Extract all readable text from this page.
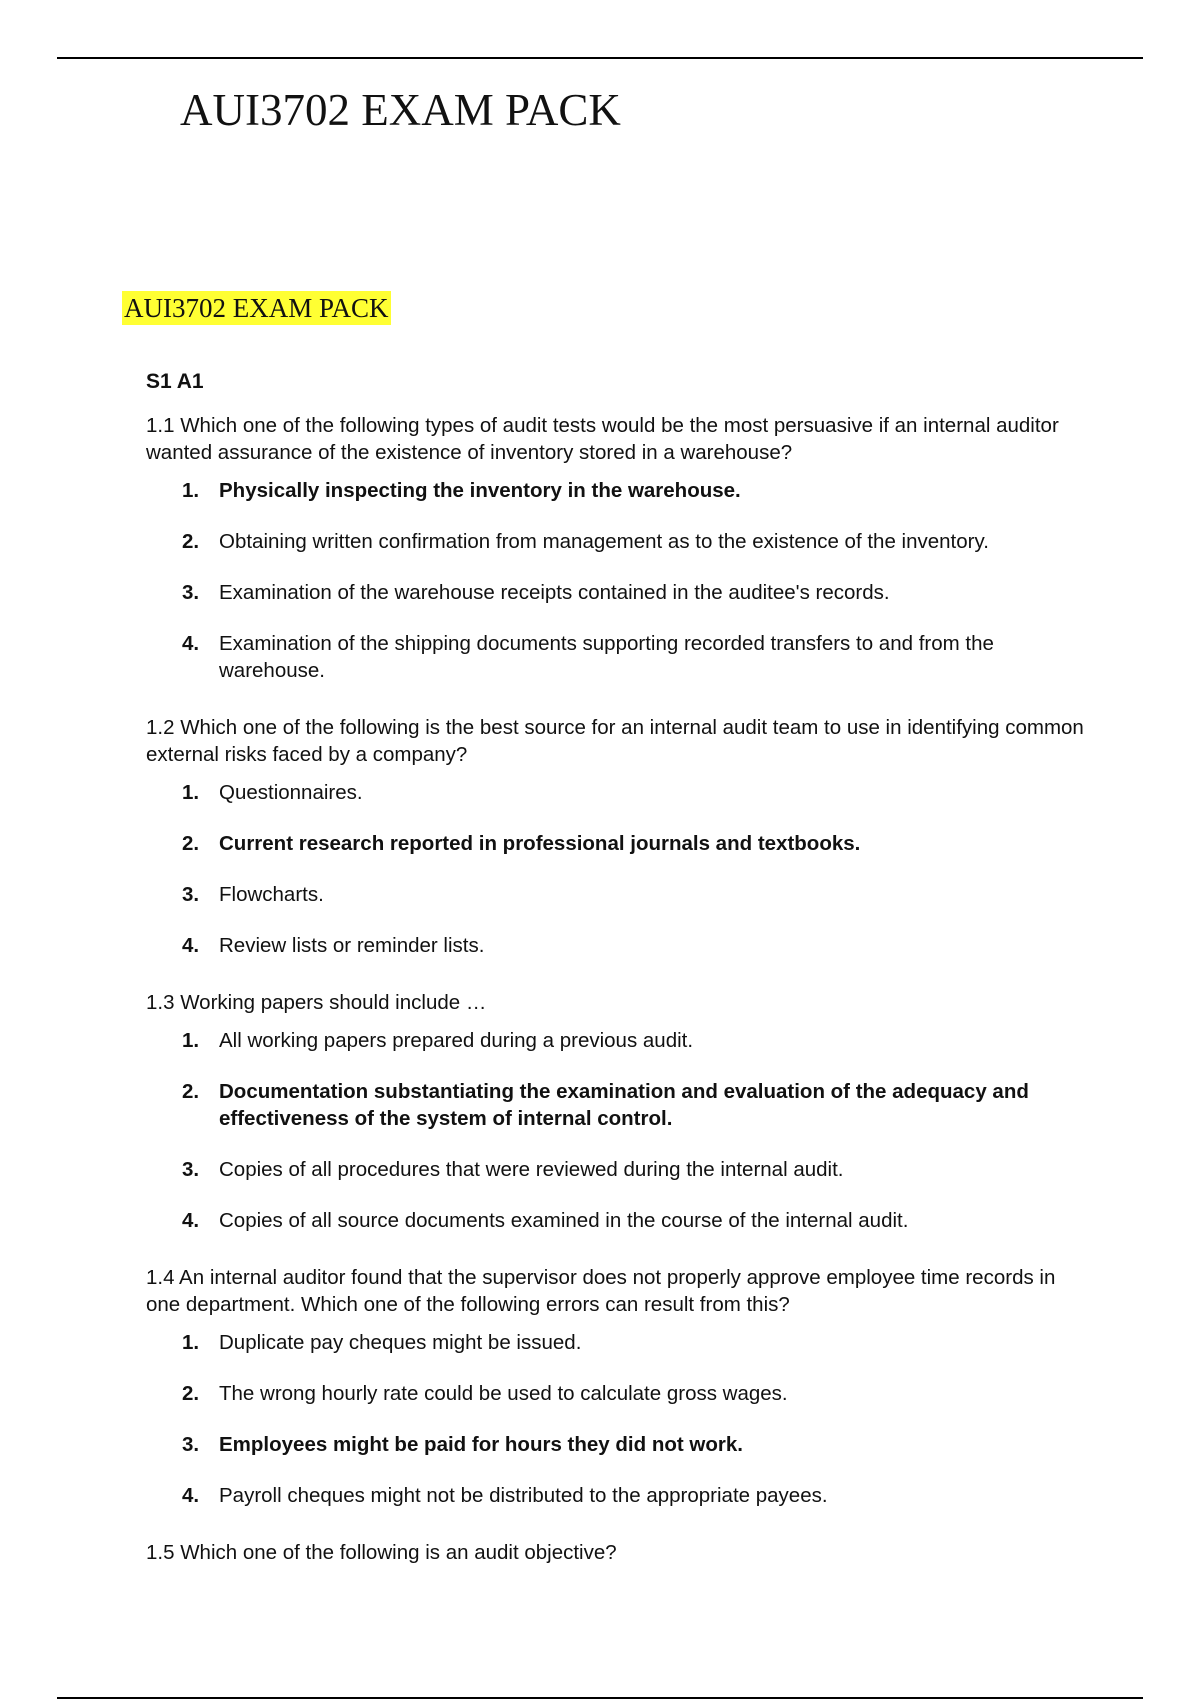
AUI3702 EXAM PACK
AUI3702 EXAM PACK
S1 A1

1.1 Which one of the following types of audit tests would be the most persuasive if an internal auditor wanted assurance of the existence of inventory stored in a warehouse?

1. Physically inspecting the inventory in the warehouse.
2. Obtaining written confirmation from management as to the existence of the inventory.
3. Examination of the warehouse receipts contained in the auditee's records.
4. Examination of the shipping documents supporting recorded transfers to and from the warehouse.

1.2 Which one of the following is the best source for an internal audit team to use in identifying common external risks faced by a company?

1. Questionnaires.
2. Current research reported in professional journals and textbooks.
3. Flowcharts.
4. Review lists or reminder lists.

1.3 Working papers should include …

1. All working papers prepared during a previous audit.
2. Documentation substantiating the examination and evaluation of the adequacy and effectiveness of the system of internal control.
3. Copies of all procedures that were reviewed during the internal audit.
4. Copies of all source documents examined in the course of the internal audit.

1.4 An internal auditor found that the supervisor does not properly approve employee time records in one department. Which one of the following errors can result from this?

1. Duplicate pay cheques might be issued.
2. The wrong hourly rate could be used to calculate gross wages.
3. Employees might be paid for hours they did not work.
4. Payroll cheques might not be distributed to the appropriate payees.

1.5 Which one of the following is an audit objective?
